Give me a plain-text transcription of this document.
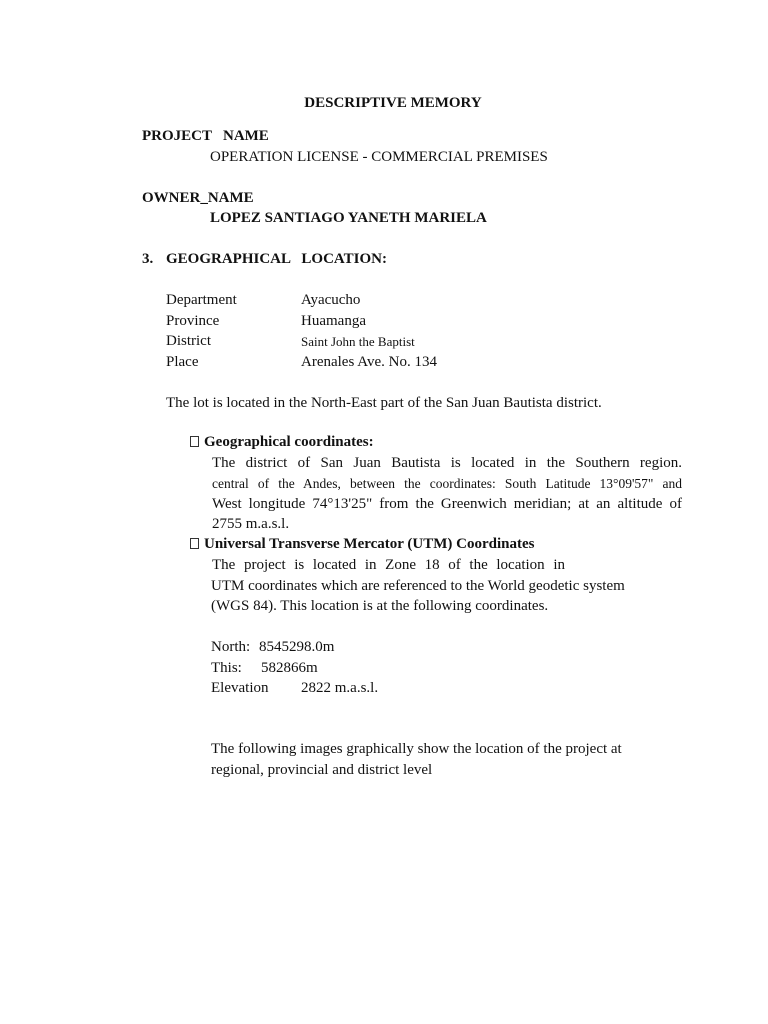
DESCRIPTIVE MEMORY
PROJECT   NAME
OPERATION LICENSE - COMMERCIAL PREMISES
OWNER_NAME
LOPEZ SANTIAGO YANETH MARIELA
3. GEOGRAPHICAL   LOCATION:
Department	Ayacucho
Province	Huamanga
District	Saint John the Baptist
Place	Arenales Ave. No. 134
The lot is located in the North-East part of the San Juan Bautista district.
Geographical coordinates:
The district of San Juan Bautista is located in the Southern region.
central of the Andes, between the coordinates: South Latitude 13°09'57" and
West longitude 74°13'25" from the Greenwich meridian; at an altitude of
2755 m.a.s.l.
Universal Transverse Mercator (UTM) Coordinates
The project is located in Zone 18 of the location in
UTM coordinates which are referenced to the World geodetic system
(WGS 84). This location is at the following coordinates.
North: 8545298.0m
This: 582866m
Elevation 2822 m.a.s.l.
The following images graphically show the location of the project at
regional, provincial and district level
